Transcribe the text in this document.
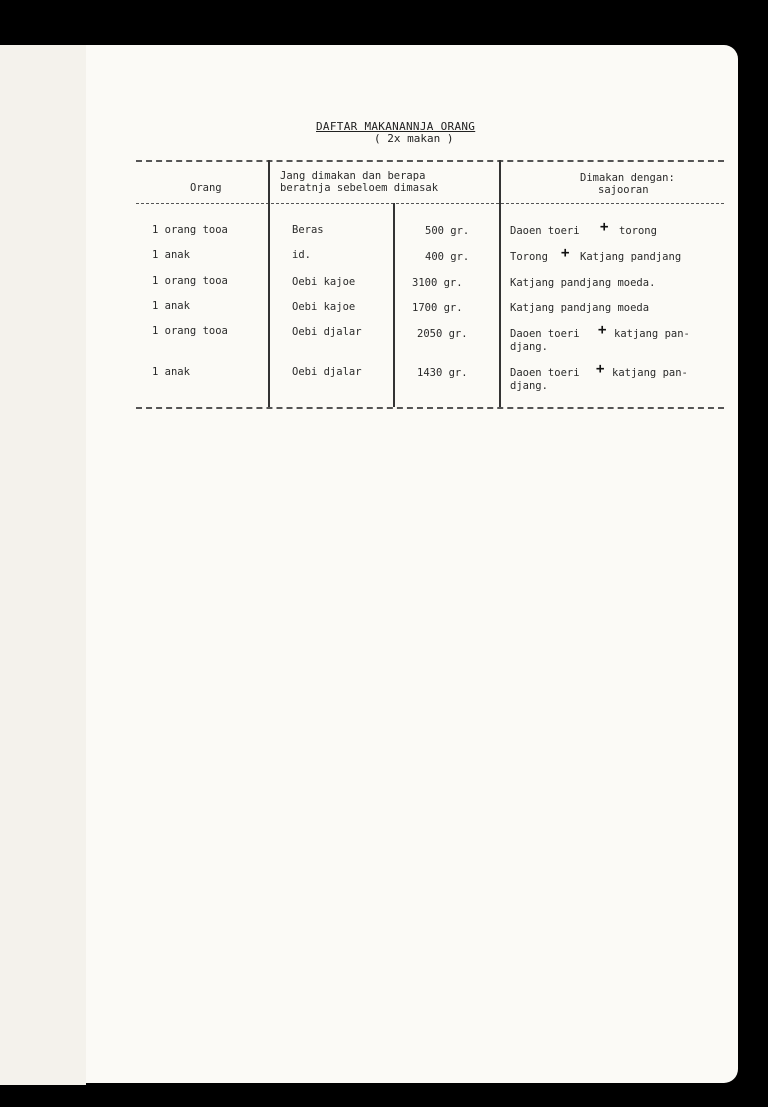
DAFTAR MAKANANNJA ORANG
( 2x makan )
Orang
Jang dimakan dan berapa
beratnja sebeloem dimasak
Dimakan dengan:
sajooran
1 orang tooa	Beras	500 gr.	Daoen toeri + torong
1 anak	id.	400 gr.	Torong + Katjang pandjang
1 orang tooa	Oebi kajoe	3100 gr.	Katjang pandjang moeda.
1 anak	Oebi kajoe	1700 gr.	Katjang pandjang moeda
1 orang tooa	Oebi djalar	2050 gr.	Daoen toeri + katjang pan-
djang.
1 anak	Oebi djalar	1430 gr.	Daoen toeri + katjang pan-
djang.
